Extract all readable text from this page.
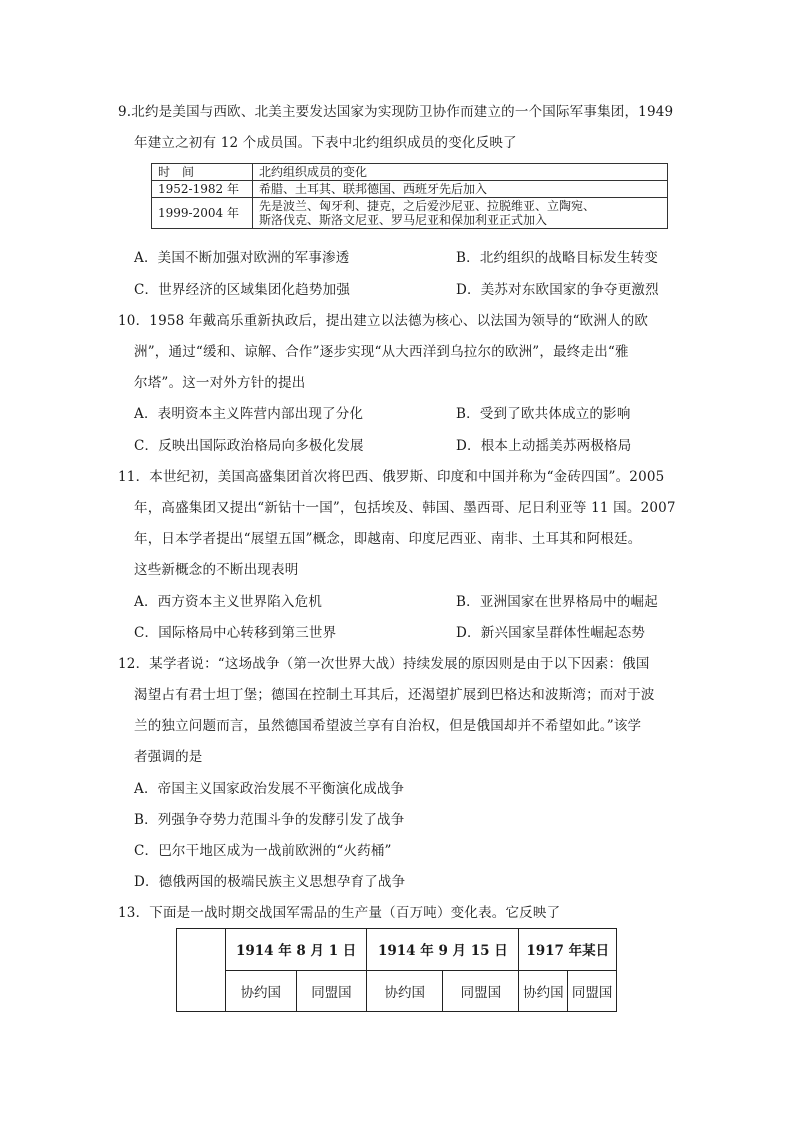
9.北约是美国与西欧、北美主要发达国家为实现防卫协作而建立的一个国际军事集团，1949
年建立之初有 12 个成员国。下表中北约组织成员的变化反映了
时　间	北约组织成员的变化
1952-1982 年	希腊、土耳其、联邦德国、西班牙先后加入
1999-2004 年	先是波兰、匈牙利、捷克，之后爱沙尼亚、拉脱维亚、立陶宛、
斯洛伐克、斯洛文尼亚、罗马尼亚和保加利亚正式加入
A．美国不断加强对欧洲的军事渗透	B．北约组织的战略目标发生转变
C．世界经济的区域集团化趋势加强	D．美苏对东欧国家的争夺更激烈
10．1958 年戴高乐重新执政后，提出建立以法德为核心、以法国为领导的“欧洲人的欧
洲”，通过“缓和、谅解、合作”逐步实现“从大西洋到乌拉尔的欧洲”，最终走出“雅
尔塔”。这一对外方针的提出
A．表明资本主义阵营内部出现了分化	B．受到了欧共体成立的影响
C．反映出国际政治格局向多极化发展	D．根本上动摇美苏两极格局
11．本世纪初，美国高盛集团首次将巴西、俄罗斯、印度和中国并称为“金砖四国”。2005
年，高盛集团又提出“新钻十一国”，包括埃及、韩国、墨西哥、尼日利亚等 11 国。2007
年，日本学者提出“展望五国”概念，即越南、印度尼西亚、南非、土耳其和阿根廷。
这些新概念的不断出现表明
A．西方资本主义世界陷入危机	B．亚洲国家在世界格局中的崛起
C．国际格局中心转移到第三世界	D．新兴国家呈群体性崛起态势
12．某学者说：“这场战争（第一次世界大战）持续发展的原因则是由于以下因素：俄国
渴望占有君士坦丁堡；德国在控制土耳其后，还渴望扩展到巴格达和波斯湾；而对于波
兰的独立问题而言，虽然德国希望波兰享有自治权，但是俄国却并不希望如此。”该学
者强调的是
A．帝国主义国家政治发展不平衡演化成战争
B．列强争夺势力范围斗争的发酵引发了战争
C．巴尔干地区成为一战前欧洲的“火药桶”
D．德俄两国的极端民族主义思想孕育了战争
13．下面是一战时期交战国军需品的生产量（百万吨）变化表。它反映了
	1914 年 8 月 1 日		1914 年 9 月 15 日		1917 年某日	
	协约国	同盟国	协约国	同盟国	协约国	同盟国
